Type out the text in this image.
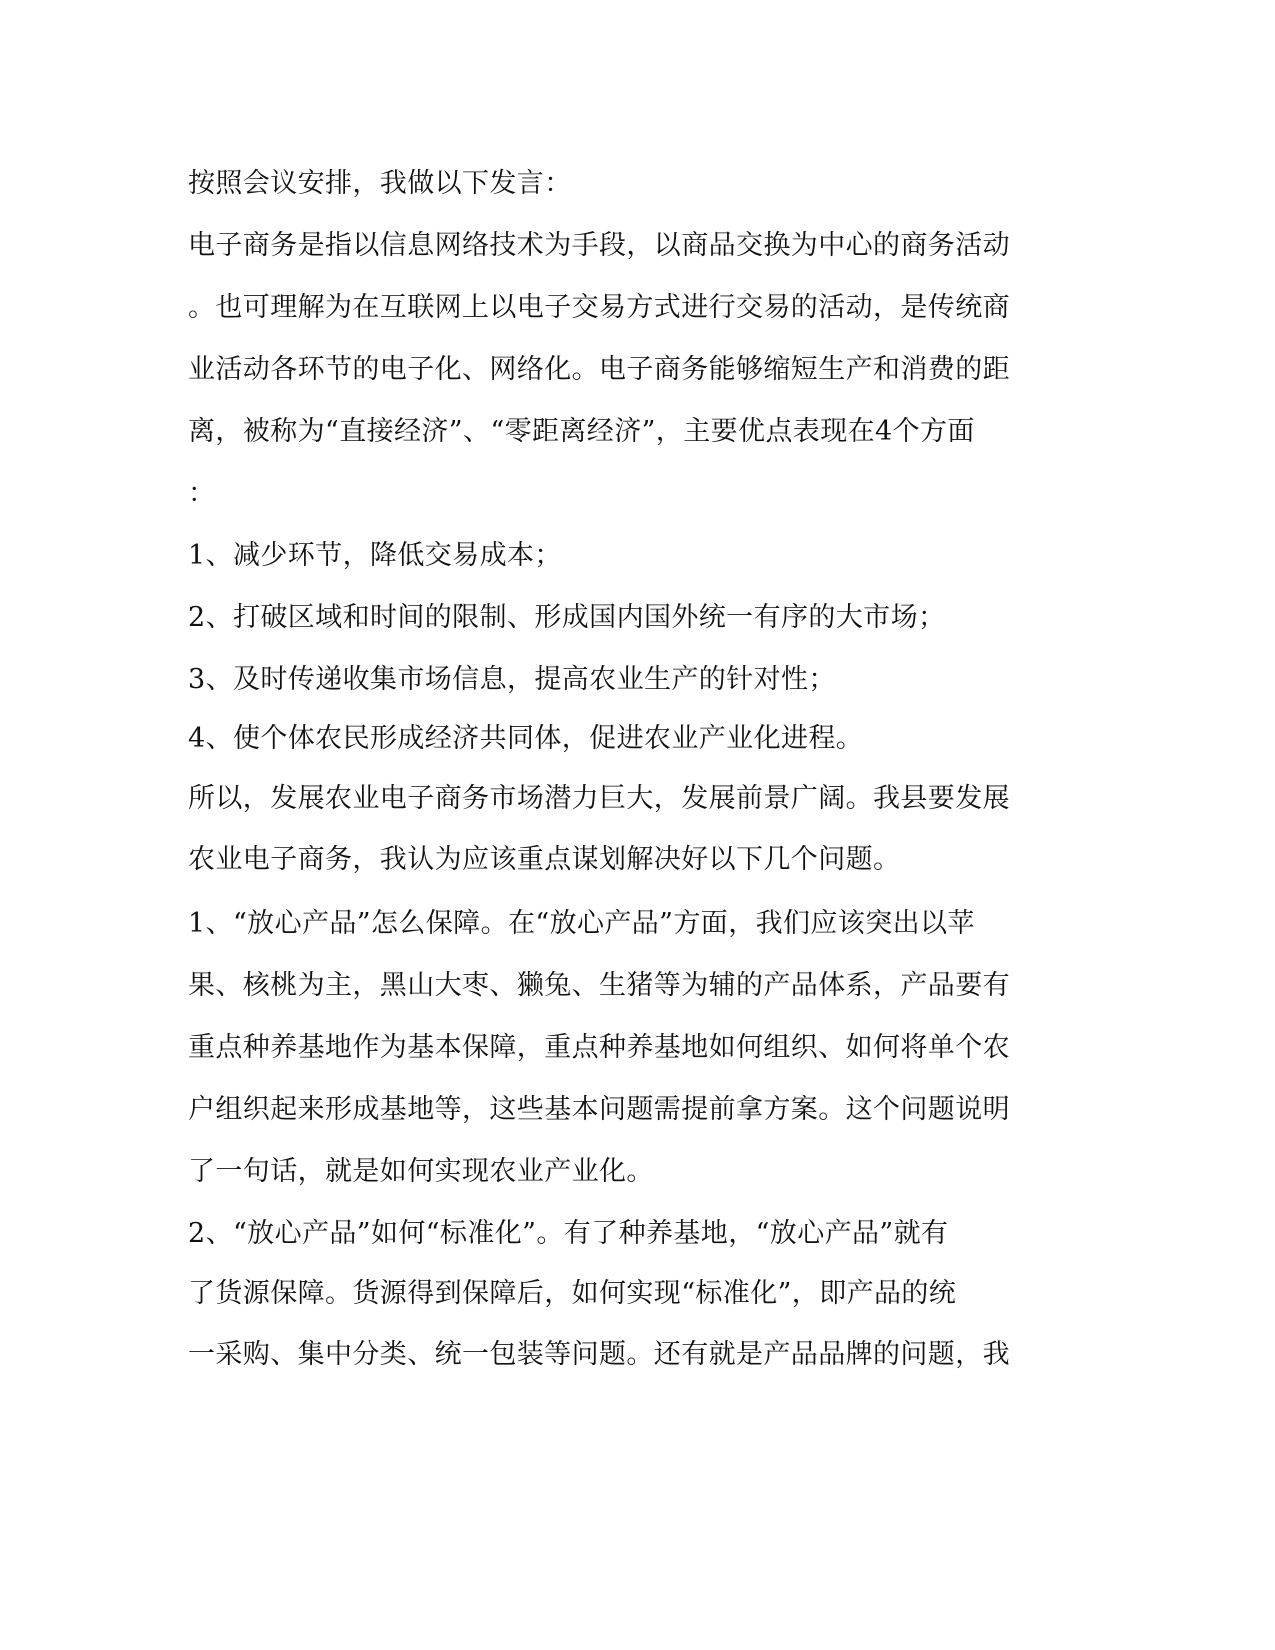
按照会议安排，我做以下发言：

电子商务是指以信息网络技术为手段，以商品交换为中心的商务活动

。也可理解为在互联网上以电子交易方式进行交易的活动，是传统商

业活动各环节的电子化、网络化。电子商务能够缩短生产和消费的距

离，被称为“直接经济”、“零距离经济”，主要优点表现在4个方面

：

1、减少环节，降低交易成本；

2、打破区域和时间的限制、形成国内国外统一有序的大市场；

3、及时传递收集市场信息，提高农业生产的针对性；

4、使个体农民形成经济共同体，促进农业产业化进程。

所以，发展农业电子商务市场潜力巨大，发展前景广阔。我县要发展

农业电子商务，我认为应该重点谋划解决好以下几个问题。

1、“放心产品”怎么保障。在“放心产品”方面，我们应该突出以苹

果、核桃为主，黑山大枣、獭兔、生猪等为辅的产品体系，产品要有

重点种养基地作为基本保障，重点种养基地如何组织、如何将单个农

户组织起来形成基地等，这些基本问题需提前拿方案。这个问题说明

了一句话，就是如何实现农业产业化。

2、“放心产品”如何“标准化”。有了种养基地，“放心产品”就有

了货源保障。货源得到保障后，如何实现“标准化”，即产品的统

一采购、集中分类、统一包装等问题。还有就是产品品牌的问题，我
